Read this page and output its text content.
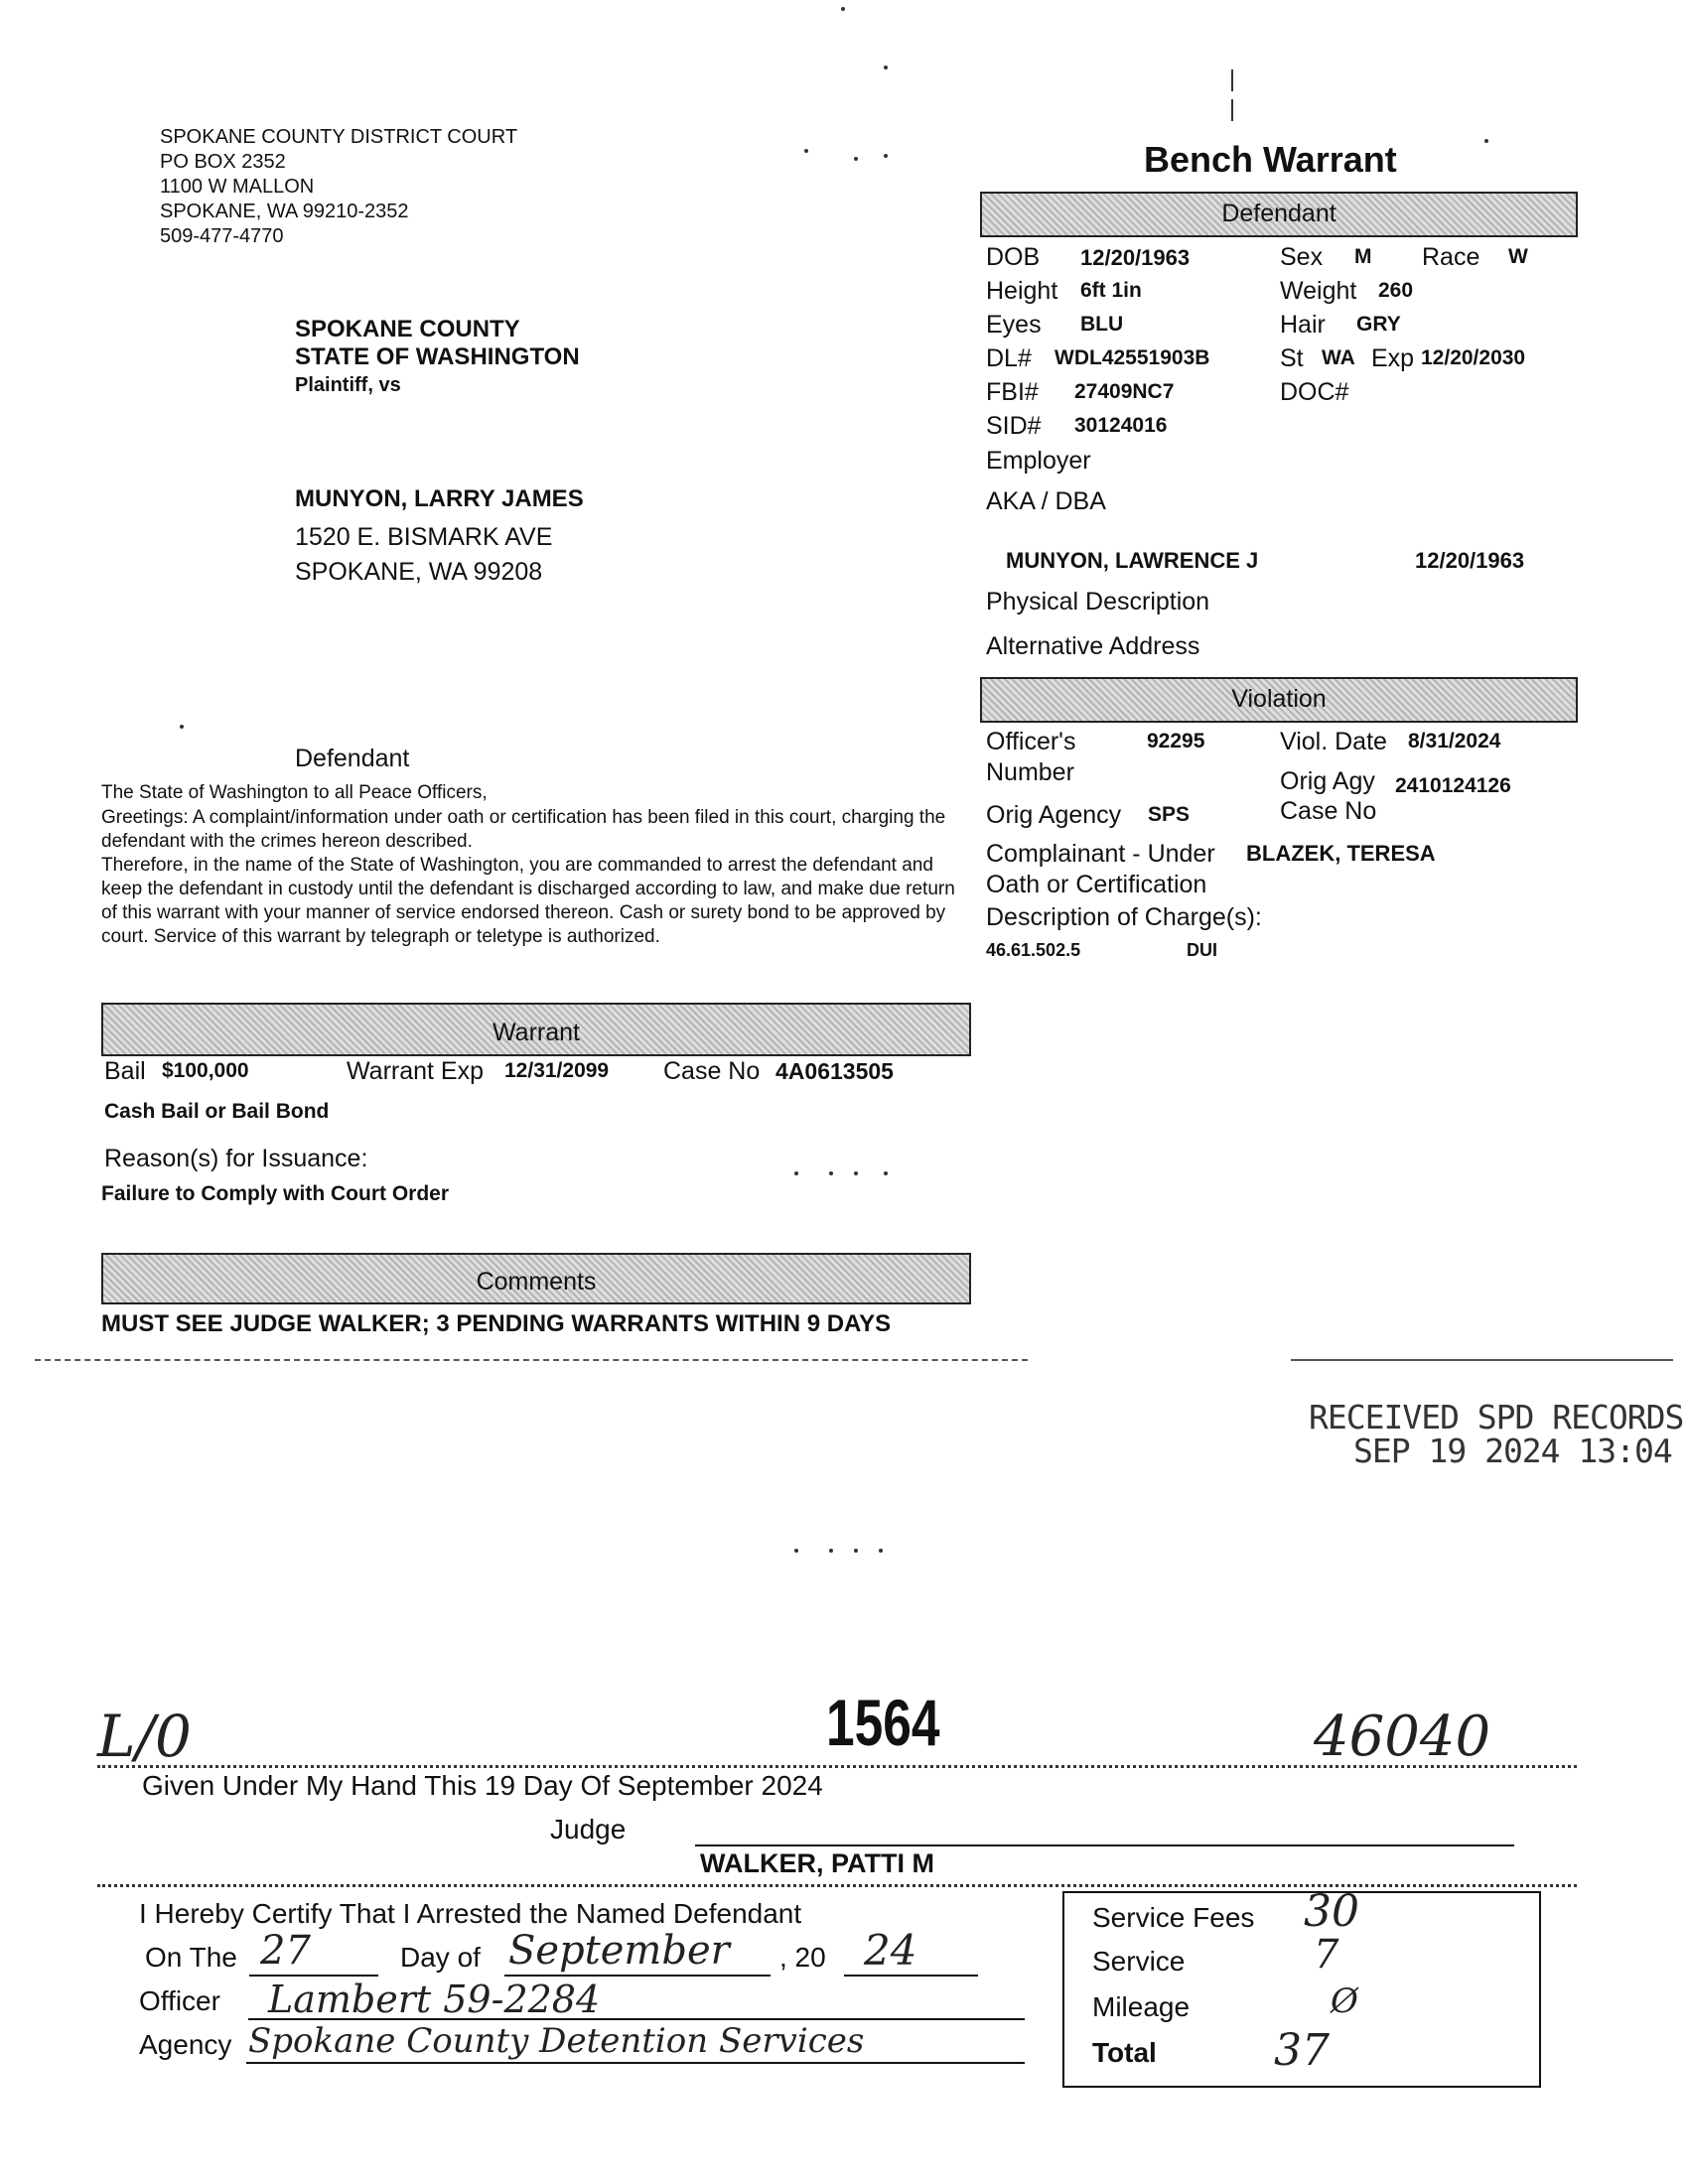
SPOKANE COUNTY DISTRICT COURT
PO BOX 2352
1100 W MALLON
SPOKANE, WA 99210-2352
509-477-4770
SPOKANE COUNTY
STATE OF WASHINGTON
Plaintiff, vs
MUNYON, LARRY JAMES
1520 E. BISMARK AVE
SPOKANE, WA 99208
Defendant
Bench Warrant
Defendant
DOB 12/20/1963	Sex M Race W
Height 6ft 1in	Weight 260
Eyes BLU	Hair GRY
DL# WDL42551903B	St WA Exp 12/20/2030
FBI# 27409NC7	DOC#
SID# 30124016
Employer
AKA / DBA
MUNYON, LAWRENCE J	12/20/1963
Physical Description
Alternative Address
Violation
Officer's
Number
92295	Viol. Date 8/31/2024
Orig Agy
Case No
2410124126
Orig Agency SPS
Complainant - Under
Oath or Certification
BLAZEK, TERESA
Description of Charge(s):
46.61.502.5	DUI
The State of Washington to all Peace Officers,
Greetings: A complaint/information under oath or certification has been filed in this court, charging the defendant with the crimes hereon described.
Therefore, in the name of the State of Washington, you are commanded to arrest the defendant and keep the defendant in custody until the defendant is discharged according to law, and make due return of this warrant with your manner of service endorsed thereon. Cash or surety bond to be approved by court. Service of this warrant by telegraph or teletype is authorized.
Warrant
Bail $100,000	Warrant Exp 12/31/2099 Case No 4A0613505
Cash Bail or Bail Bond
Reason(s) for Issuance:
Failure to Comply with Court Order
Comments
MUST SEE JUDGE WALKER; 3 PENDING WARRANTS WITHIN 9 DAYS
RECEIVED SPD RECORDS
SEP 19 2024 13:04
L/0	1564	46040
Given Under My Hand This 19 Day Of September 2024
Judge
WALKER, PATTI M
I Hereby Certify That I Arrested the Named Defendant
On The 27	Day of September , 20 24
Officer Lambert 59-2284
Agency Spokane County Detention Services
Service Fees 30
Service	7
Mileage	Ø
Total	37
